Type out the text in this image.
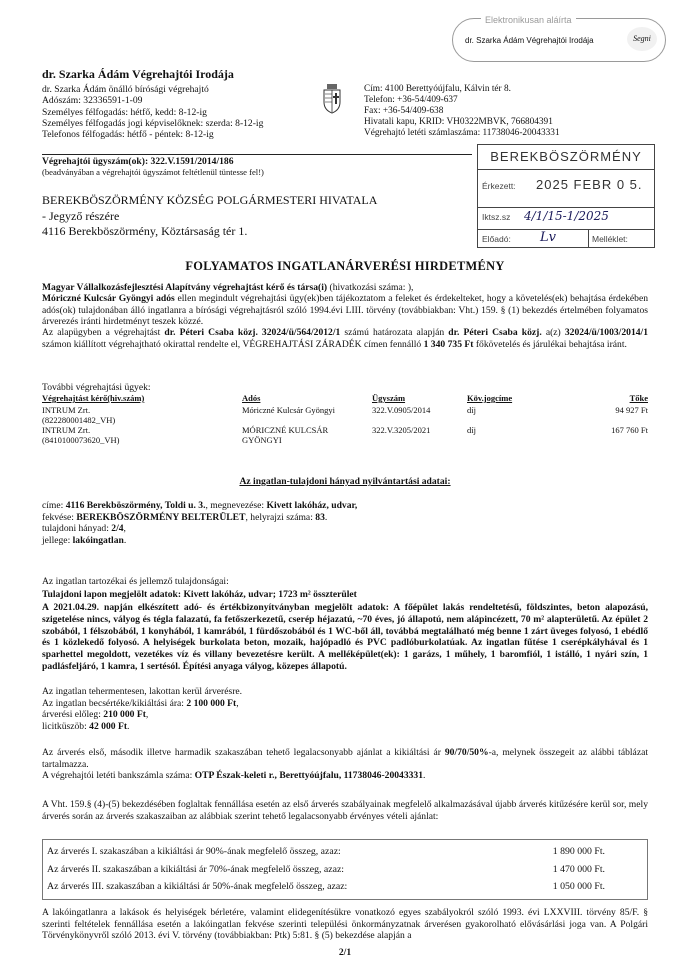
Elektronikusan aláírta
dr. Szarka Ádám Végrehajtói Irodája	Segni
dr. Szarka Ádám Végrehajtói Irodája
dr. Szarka Ádám önálló bírósági végrehajtó
Adószám: 32336591-1-09
Személyes félfogadás: hétfő, kedd: 8-12-ig
Személyes félfogadás jogi képviselőknek: szerda: 8-12-ig
Telefonos félfogadás: hétfő - péntek: 8-12-ig
Cím: 4100 Berettyóújfalu, Kálvin tér 8.
Telefon: +36-54/409-637
Fax: +36-54/409-638
Hivatali kapu, KRID: VH0322MBVK, 766804391
Végrehajtó letéti számlaszáma: 11738046-20043331
Végrehajtói ügyszám(ok): 322.V.1591/2014/186
(beadványában a végrehajtói ügyszámot feltétlenül tüntesse fel!)
BEREKBÖSZÖRMÉNY KÖZSÉG POLGÁRMESTERI HIVATALA
- Jegyző részére
4116 Berekböszörmény, Köztársaság tér 1.
BEREKBÖSZÖRMÉNY
Érkezett: 2025 FEBR 0 5.
Iktsz.sz 4/1/15-1/2025
Előadó: Lv	Melléklet:
FOLYAMATOS INGATLANÁRVERÉSI HIRDETMÉNY

Magyar Vállalkozásfejlesztési Alapítvány végrehajtást kérő és társa(i) (hivatkozási száma: ),
Móriczné Kulcsár Gyöngyi adós ellen megindult végrehajtási ügy(ek)ben tájékoztatom a feleket és érdekelteket, hogy a követelés(ek) behajtása érdekében adós(ok) tulajdonában álló ingatlanra a bírósági végrehajtásról szóló 1994.évi LIII. törvény (továbbiakban: Vht.) 159. § (1) bekezdés értelmében folyamatos árverezés iránti hirdetményt teszek közzé.

Az alapügyben a végrehajtást dr. Péteri Csaba közj. 32024/ü/564/2012/1 számú határozata alapján dr. Péteri Csaba közj. a(z) 32024/ü/1003/2014/1 számon kiállított végrehajtható okirattal rendelte el, VÉGREHAJTÁSI ZÁRADÉK címen fennálló 1 340 735 Ft főkövetelés és járulékai behajtása iránt.

További végrehajtási ügyek:
Végrehajtást kérő(hiv.szám)	Adós	Ügyszám	Köv.jogcíme	Tőke
INTRUM Zrt.
(822280001482_VH)	Móriczné Kulcsár Gyöngyi	322.V.0905/2014	díj	94 927 Ft
INTRUM Zrt.
(8410100073620_VH)	MÓRICZNÉ KULCSÁR
GYÖNGYI	322.V.3205/2021	díj	167 760 Ft
Az ingatlan-tulajdoni hányad nyilvántartási adatai:
címe: 4116 Berekböszörmény, Toldi u. 3., megnevezése: Kivett lakóház, udvar,
fekvése: BEREKBÖSZÖRMÉNY BELTERÜLET, helyrajzi száma: 83.
tulajdoni hányad: 2/4,
jellege: lakóingatlan.
Az ingatlan tartozékai és jellemző tulajdonságai:
Tulajdoni lapon megjelölt adatok: Kivett lakóház, udvar; 1723 m² összterület
A 2021.04.29. napján elkészített adó- és értékbizonyítványban megjelölt adatok: A főépület lakás rendeltetésű, földszintes, beton alapozású, szigetelése nincs, vályog és tégla falazatú, fa fetőszerkezetű, cserép héjazatú, ~70 éves, jó állapotú, nem alápincézett, 70 m² alapterületű. Az épület 2 szobából, 1 félszobából, 1 konyhából, 1 kamrából, 1 fürdőszobából és 1 WC-ből áll, továbbá megtalálható még benne 1 zárt üveges folyosó, 1 ebédlő és 1 közlekedő folyosó. A helyiségek burkolata beton, mozaik, hajópadló és PVC padlóburkolatúak. Az ingatlan fűtése 1 cserépkályhával és 1 sparhettel megoldott, vezetékes víz és villany bevezetésre került. A melléképület(ek): 1 garázs, 1 műhely, 1 baromfiól, 1 istálló, 1 nyári szín, 1 padlásfeljáró, 1 kamra, 1 sertésól. Építési anyaga vályog, közepes állapotú.
Az ingatlan tehermentesen, lakottan kerül árverésre.
Az ingatlan becsértéke/kikiáltási ára: 2 100 000 Ft,
árverési előleg: 210 000 Ft,
licitküszöb: 42 000 Ft.
Az árverés első, második illetve harmadik szakaszában tehető legalacsonyabb ajánlat a kikiáltási ár 90/70/50%-a, melynek összegeit az alábbi táblázat tartalmazza.
A végrehajtói letéti bankszámla száma: OTP Észak-keleti r., Berettyóújfalu, 11738046-20043331.
A Vht. 159.§ (4)-(5) bekezdésében foglaltak fennállása esetén az első árverés szabályainak megfelelő alkalmazásával újabb árverés kitűzésére kerül sor, mely árverés során az árverés szakaszaiban az alábbiak szerint tehető legalacsonyabb érvényes vételi ajánlat:
Az árverés I. szakaszában a kikiáltási ár 90%-ának megfelelő összeg, azaz:	1 890 000 Ft.
Az árverés II. szakaszában a kikiáltási ár 70%-ának megfelelő összeg, azaz:	1 470 000 Ft.
Az árverés III. szakaszában a kikiáltási ár 50%-ának megfelelő összeg, azaz:	1 050 000 Ft.
A lakóingatlanra a lakások és helyiségek bérletére, valamint elidegenítésükre vonatkozó egyes szabályokról szóló 1993. évi LXXVIII. törvény 85/F. § szerinti feltételek fennállása esetén a lakóingatlan fekvése szerinti települési önkormányzatnak árverésen gyakorolható elővásárlási joga van. A Polgári Törvénykönyvről szóló 2013. évi V. törvény (továbbiakban: Ptk) 5:81. § (5) bekezdése alapján a
2/1
